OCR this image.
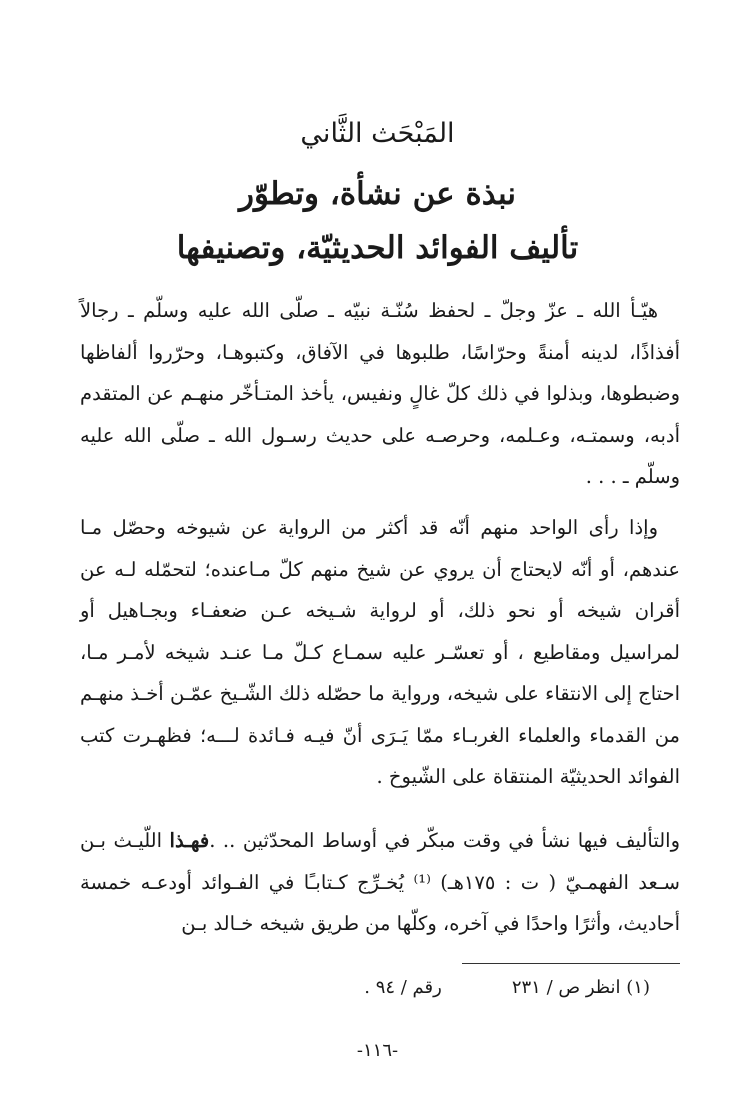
المَبْحَث الثَّاني
نبذة عن نشأة، وتطوّر
تأليف الفوائد الحديثيّة، وتصنيفها
هيّـأ الله ـ عزّ وجلّ ـ لحفظ سُنّـة نبيّه ـ صلّى الله عليه وسلّم ـ رجالاً أفذاذًا، لدينه أمنةً وحرّاسًا، طلبوها في الآفاق، وكتبوهـا، وحرّروا ألفاظها وضبطوها، وبذلوا في ذلك كلّ غالٍ ونفيس، يأخذ المتـأخّر منهـم عن المتقدم أدبه، وسمتـه، وعـلمه، وحرصـه على حديث رسـول الله ـ صلّى الله عليه وسلّم ـ . . .
وإذا رأى الواحد منهم أنّه قد أكثر من الرواية عن شيوخه وحصّل مـا عندهم، أو أنّه لايحتاج أن يروي عن شيخ منهم كلّ مـاعنده؛ لتحمّله لـه عن أقران شيخه أو نحو ذلك، أو لرواية شـيخه عـن ضعفـاء وبجـاهيل أو لمراسيل ومقاطيع ، أو تعسّـر عليه سمـاع كـلّ مـا عنـد شيخه لأمـر مـا، احتاج إلى الانتقاء على شيخه، ورواية ما حصّله ذلك الشّـيخ عمّـن أخـذ منهـم من القدماء والعلماء الغربـاء ممّا يَـرَى أنّ فيـه فـائدة لـــه؛ فظهـرت كتب الفوائد الحديثيّة المنتقاة على الشّيوخ .
والتأليف فيها نشأ في وقت مبكّر في أوساط المحدّثين .. .فهـذا اللّيـث بـن سـعد الفهمـيّ ( ت : ١٧٥هـ) ⁽¹⁾ يُخـرِّج كـتابـًا في الفـوائد أودعـه خمسة أحاديث، وأثرًا واحدًا في آخره، وكلّها من طريق شيخه خـالد بـن
(١) انظر ص / ٢٣١رقم / ٩٤ .
-١١٦-
